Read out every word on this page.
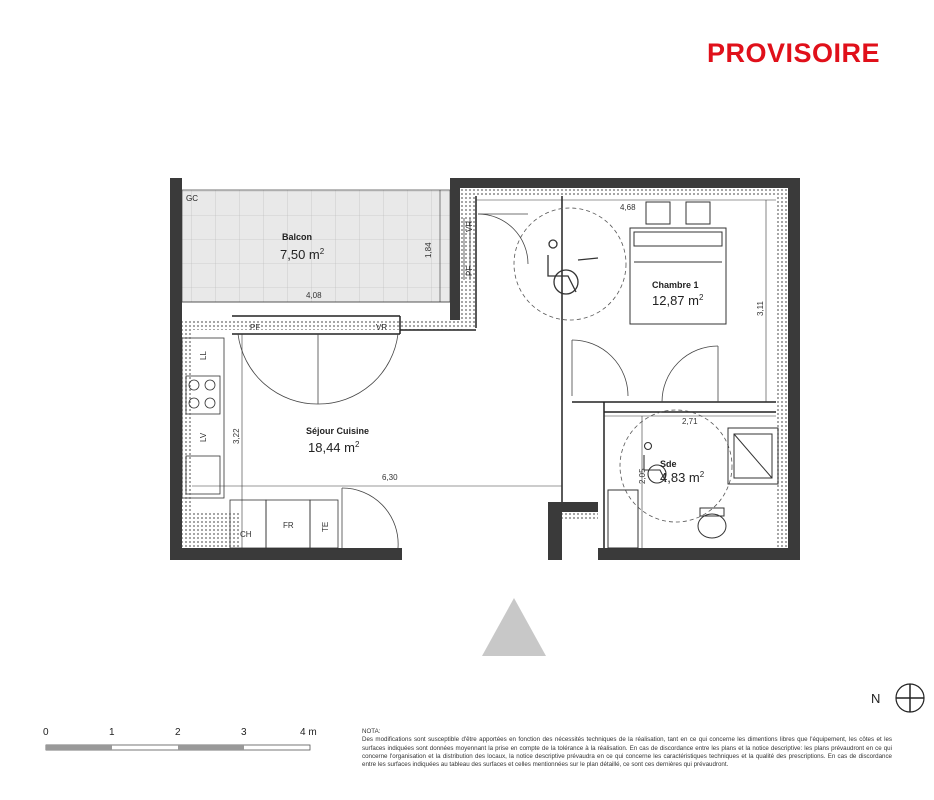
PROVISOIRE
GC
Balcon
7,50 $m^2$
Séjour Cuisine
18,44 $m^2$
Chambre 1
12,87 $m^2$
Sde
4,83 $m^2$
4,08
1,84
4,68
3,11
2,71
2,05
6,30
3,22
LL
LV
CH
FR	TE
PF	VR
PF
VR
N
0	1	2	3	4 m	NOTA:
Des modifications sont susceptible d'être apportées en fonction des nécessités techniques de la réalisation, tant en ce qui concerne les dimentions libres que l'équipement, les côtes et les surfaces indiquées sont données moyennant la prise en compte de la tolérance à la réalisation. En cas de discordance entre les plans et la notice descriptive: les plans prévaudront en ce qui concerne l'organisation et la distribution des locaux, la notice descriptive prévaudra en ce qui concerne les caractéristiques techniques et la qualité des prescriptions. En cas de discordance entre les surfaces indiquées au tableau des surfaces et celles mentionnées sur le plan détaillé, ce sont ces dernières qui prévaudront.
